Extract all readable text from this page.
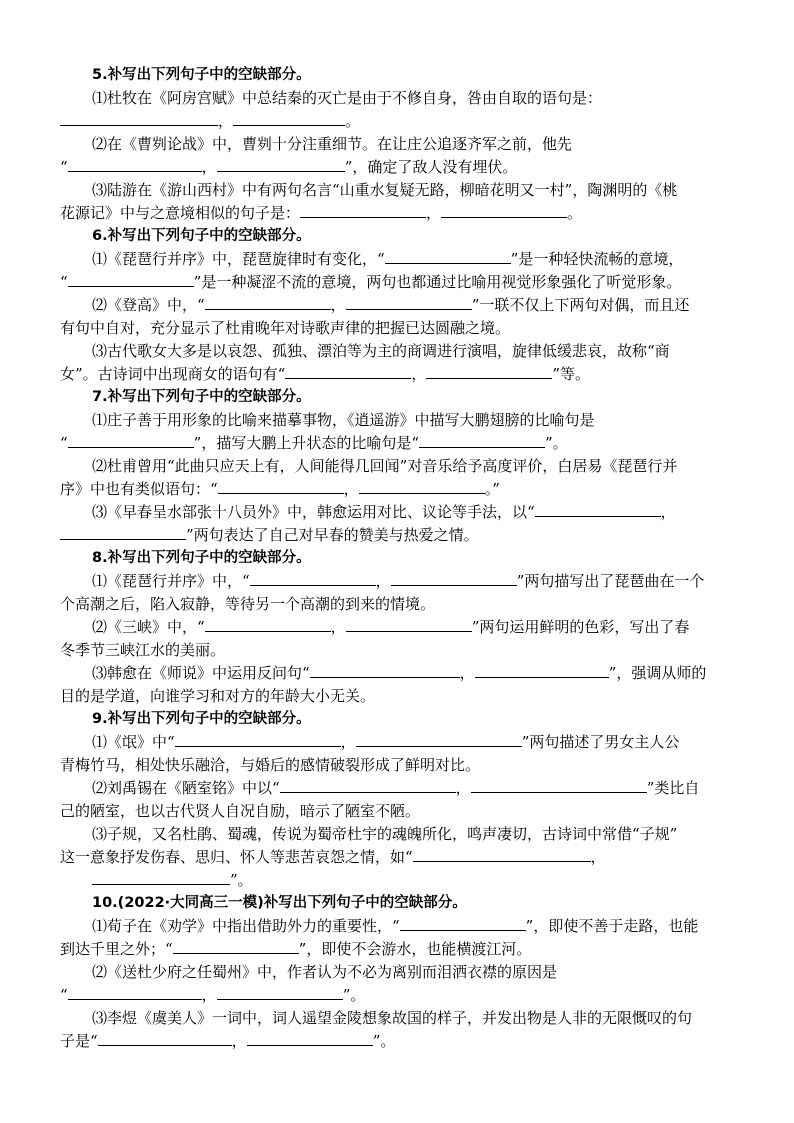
5.补写出下列句子中的空缺部分。
⑴杜牧在《阿房宫赋》中总结秦的灭亡是由于不修自身，咎由自取的语句是：
，	。
⑵在《曹刿论战》中，曹刿十分注重细节。在让庄公追逐齐军之前，他先
“	，	”，确定了敌人没有埋伏。
⑶陆游在《游山西村》中有两句名言“山重水复疑无路，柳暗花明又一村”，陶渊明的《桃
花源记》中与之意境相似的句子是：	，	。
6.补写出下列句子中的空缺部分。
⑴《琵琶行并序》中，琵琶旋律时有变化，“	”是一种轻快流畅的意境，
“	”是一种凝涩不流的意境，两句也都通过比喻用视觉形象强化了听觉形象。
⑵《登高》中，“	，	”一联不仅上下两句对偶，而且还
有句中自对，充分显示了杜甫晚年对诗歌声律的把握已达圆融之境。
⑶古代歌女大多是以哀怨、孤独、漂泊等为主的商调进行演唱，旋律低缓悲哀，故称“商
女”。古诗词中出现商女的语句有“	，	”等。
7.补写出下列句子中的空缺部分。
⑴庄子善于用形象的比喻来描摹事物，《逍遥游》中描写大鹏翅膀的比喻句是
“	”，描写大鹏上升状态的比喻句是“	”。
⑵杜甫曾用“此曲只应天上有，人间能得几回闻”对音乐给予高度评价，白居易《琵琶行并
序》中也有类似语句：“	，	。”
⑶《早春呈水部张十八员外》中，韩愈运用对比、议论等手法，以“	，
”两句表达了自己对早春的赞美与热爱之情。
8.补写出下列句子中的空缺部分。
⑴《琵琶行并序》中，“	，	”两句描写出了琵琶曲在一个
个高潮之后，陷入寂静，等待另一个高潮的到来的情境。
⑵《三峡》中，“	，	”两句运用鲜明的色彩，写出了春
冬季节三峡江水的美丽。
⑶韩愈在《师说》中运用反问句“	，	”，强调从师的
目的是学道，向谁学习和对方的年龄大小无关。
9.补写出下列句子中的空缺部分。
⑴《氓》中“	，	”两句描述了男女主人公
青梅竹马，相处快乐融洽，与婚后的感情破裂形成了鲜明对比。
⑵刘禹锡在《陋室铭》中以“	，	”类比自
己的陋室，也以古代贤人自况自励，暗示了陋室不陋。
⑶子规，又名杜鹃、蜀魂，传说为蜀帝杜宇的魂魄所化，鸣声凄切，古诗词中常借“子规”
这一意象抒发伤春、思归、怀人等悲苦哀怨之情，如“	，
”。
10.(2022·大同高三一模)补写出下列句子中的空缺部分。
⑴荀子在《劝学》中指出借助外力的重要性，“	”，即使不善于走路，也能
到达千里之外；“	”，即使不会游水，也能横渡江河。
⑵《送杜少府之任蜀州》中，作者认为不必为离别而泪洒衣襟的原因是
“	，	”。
⑶李煜《虞美人》一词中，词人遥望金陵想象故国的样子，并发出物是人非的无限慨叹的句
子是“	，	”。
